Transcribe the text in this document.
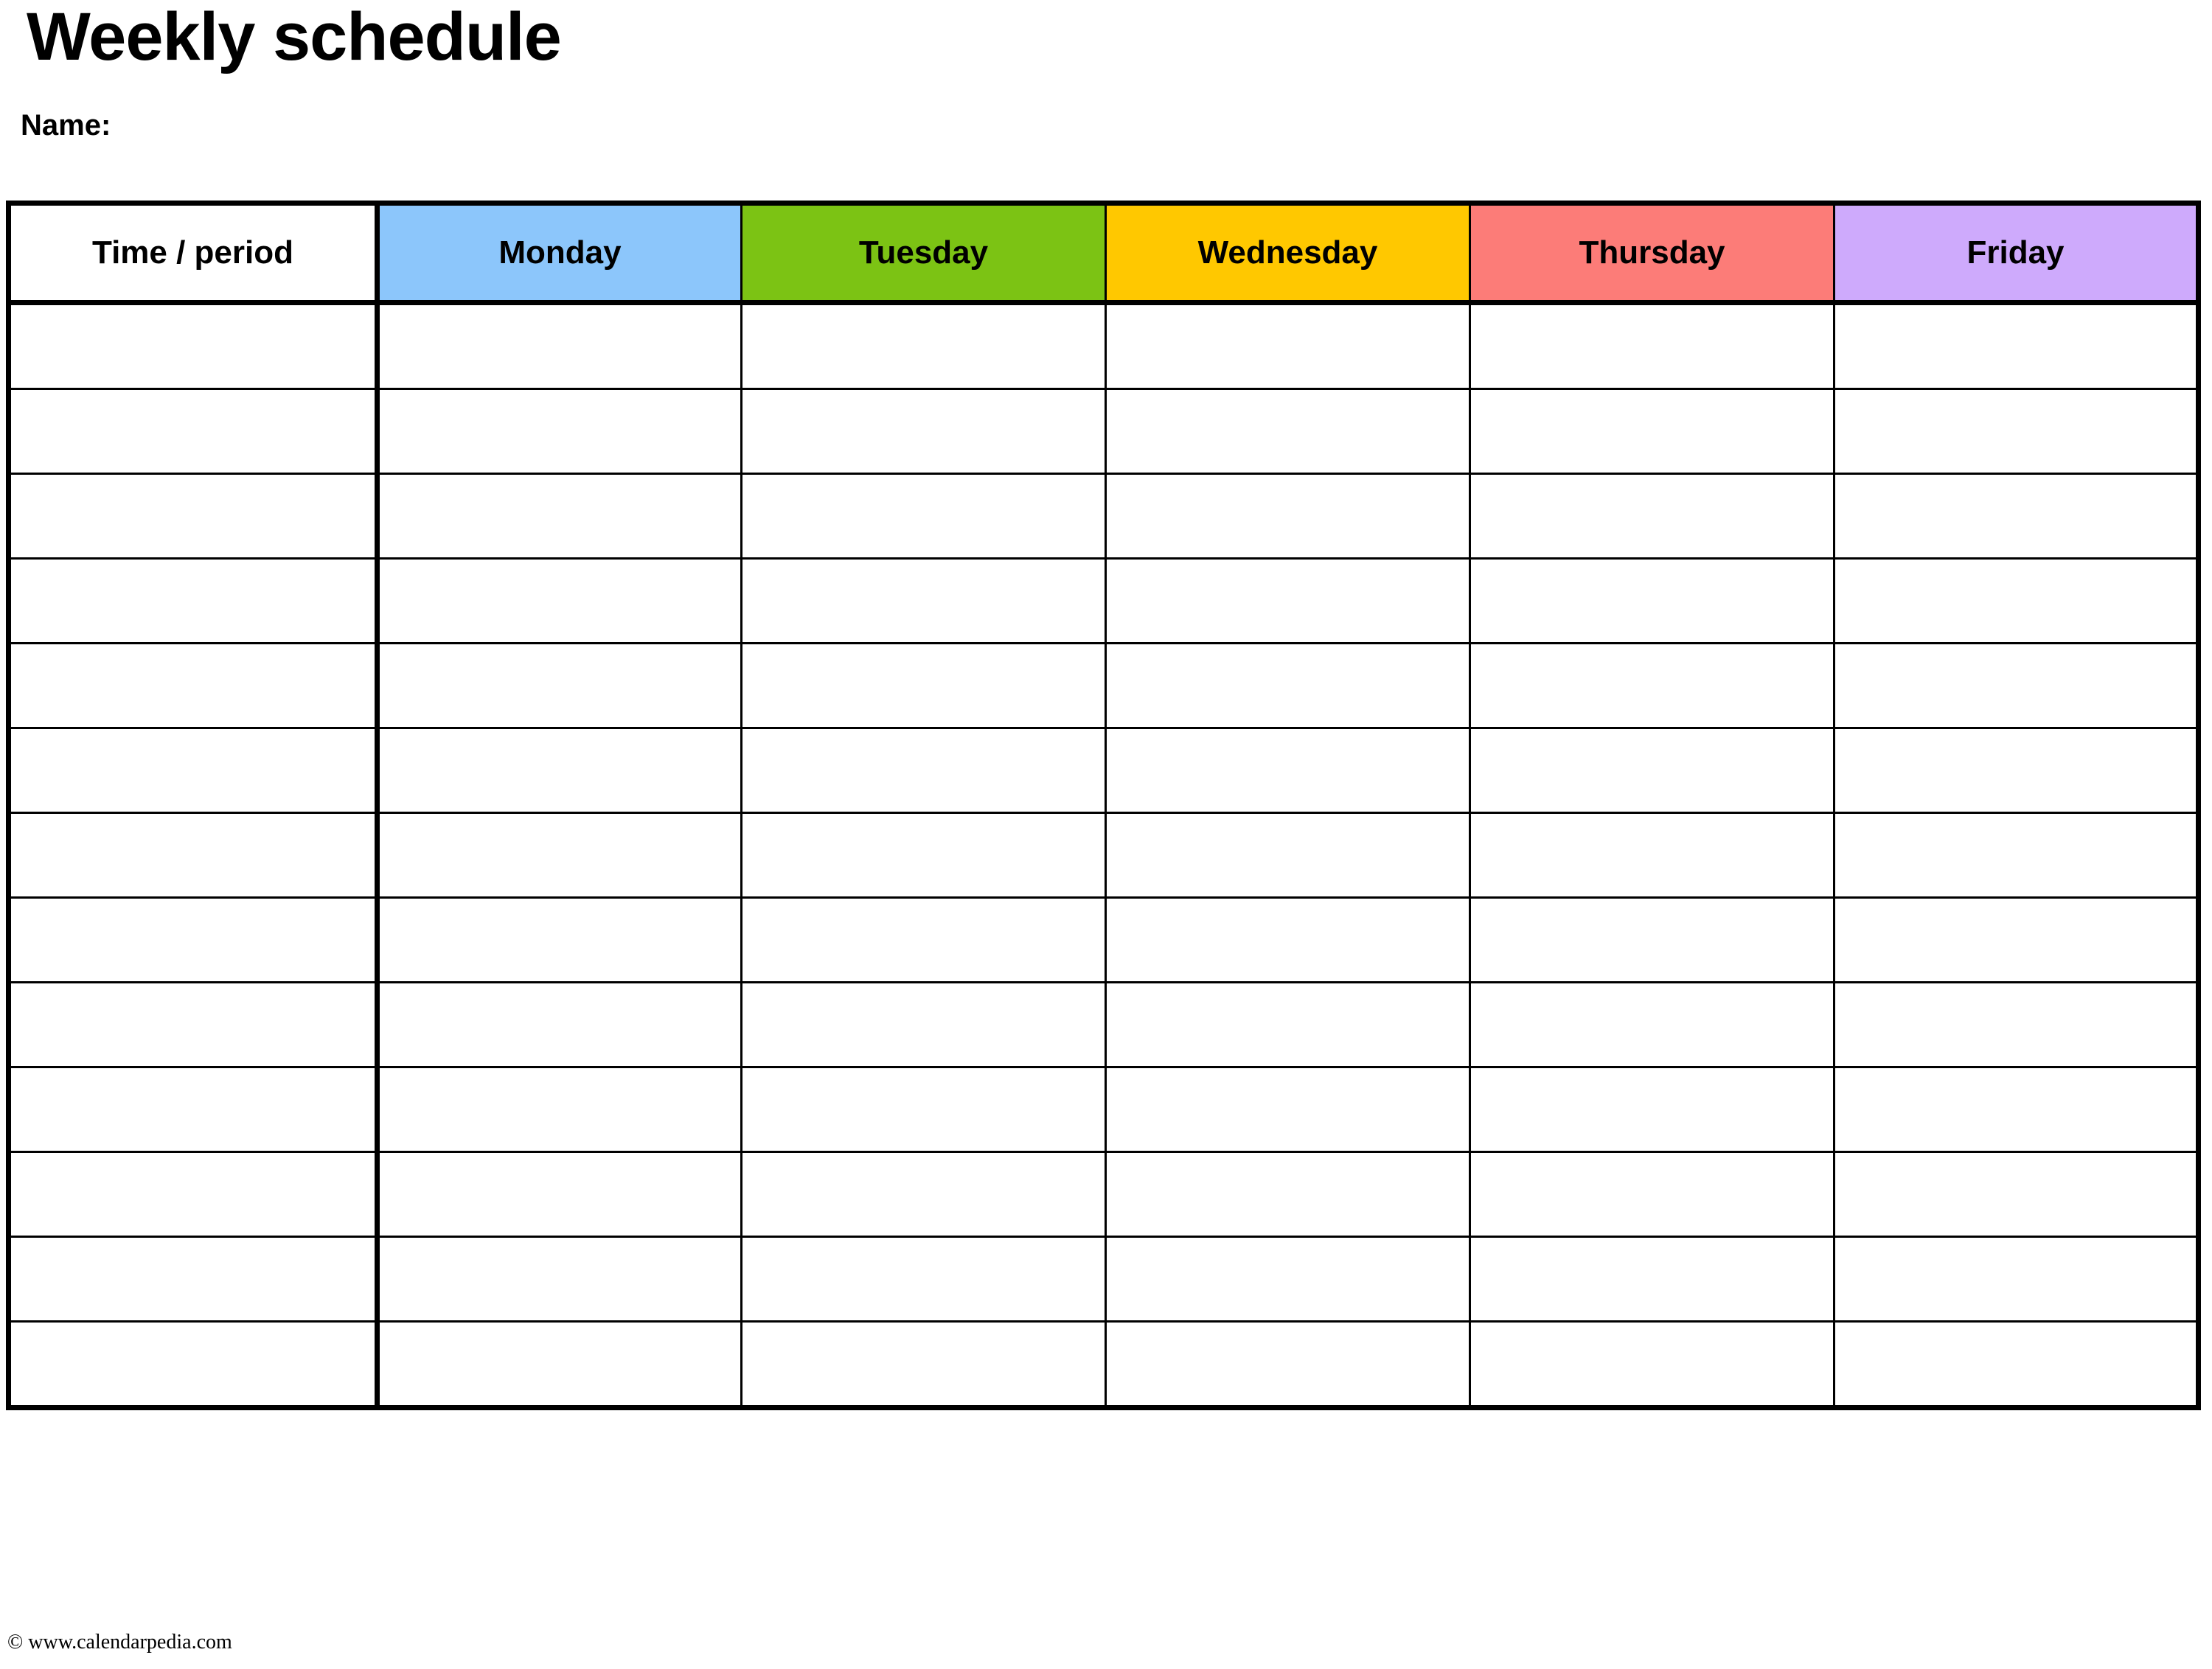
Weekly schedule
Name:
Time / period	Monday	Tuesday	Wednesday	Thursday	Friday

© www.calendarpedia.com
